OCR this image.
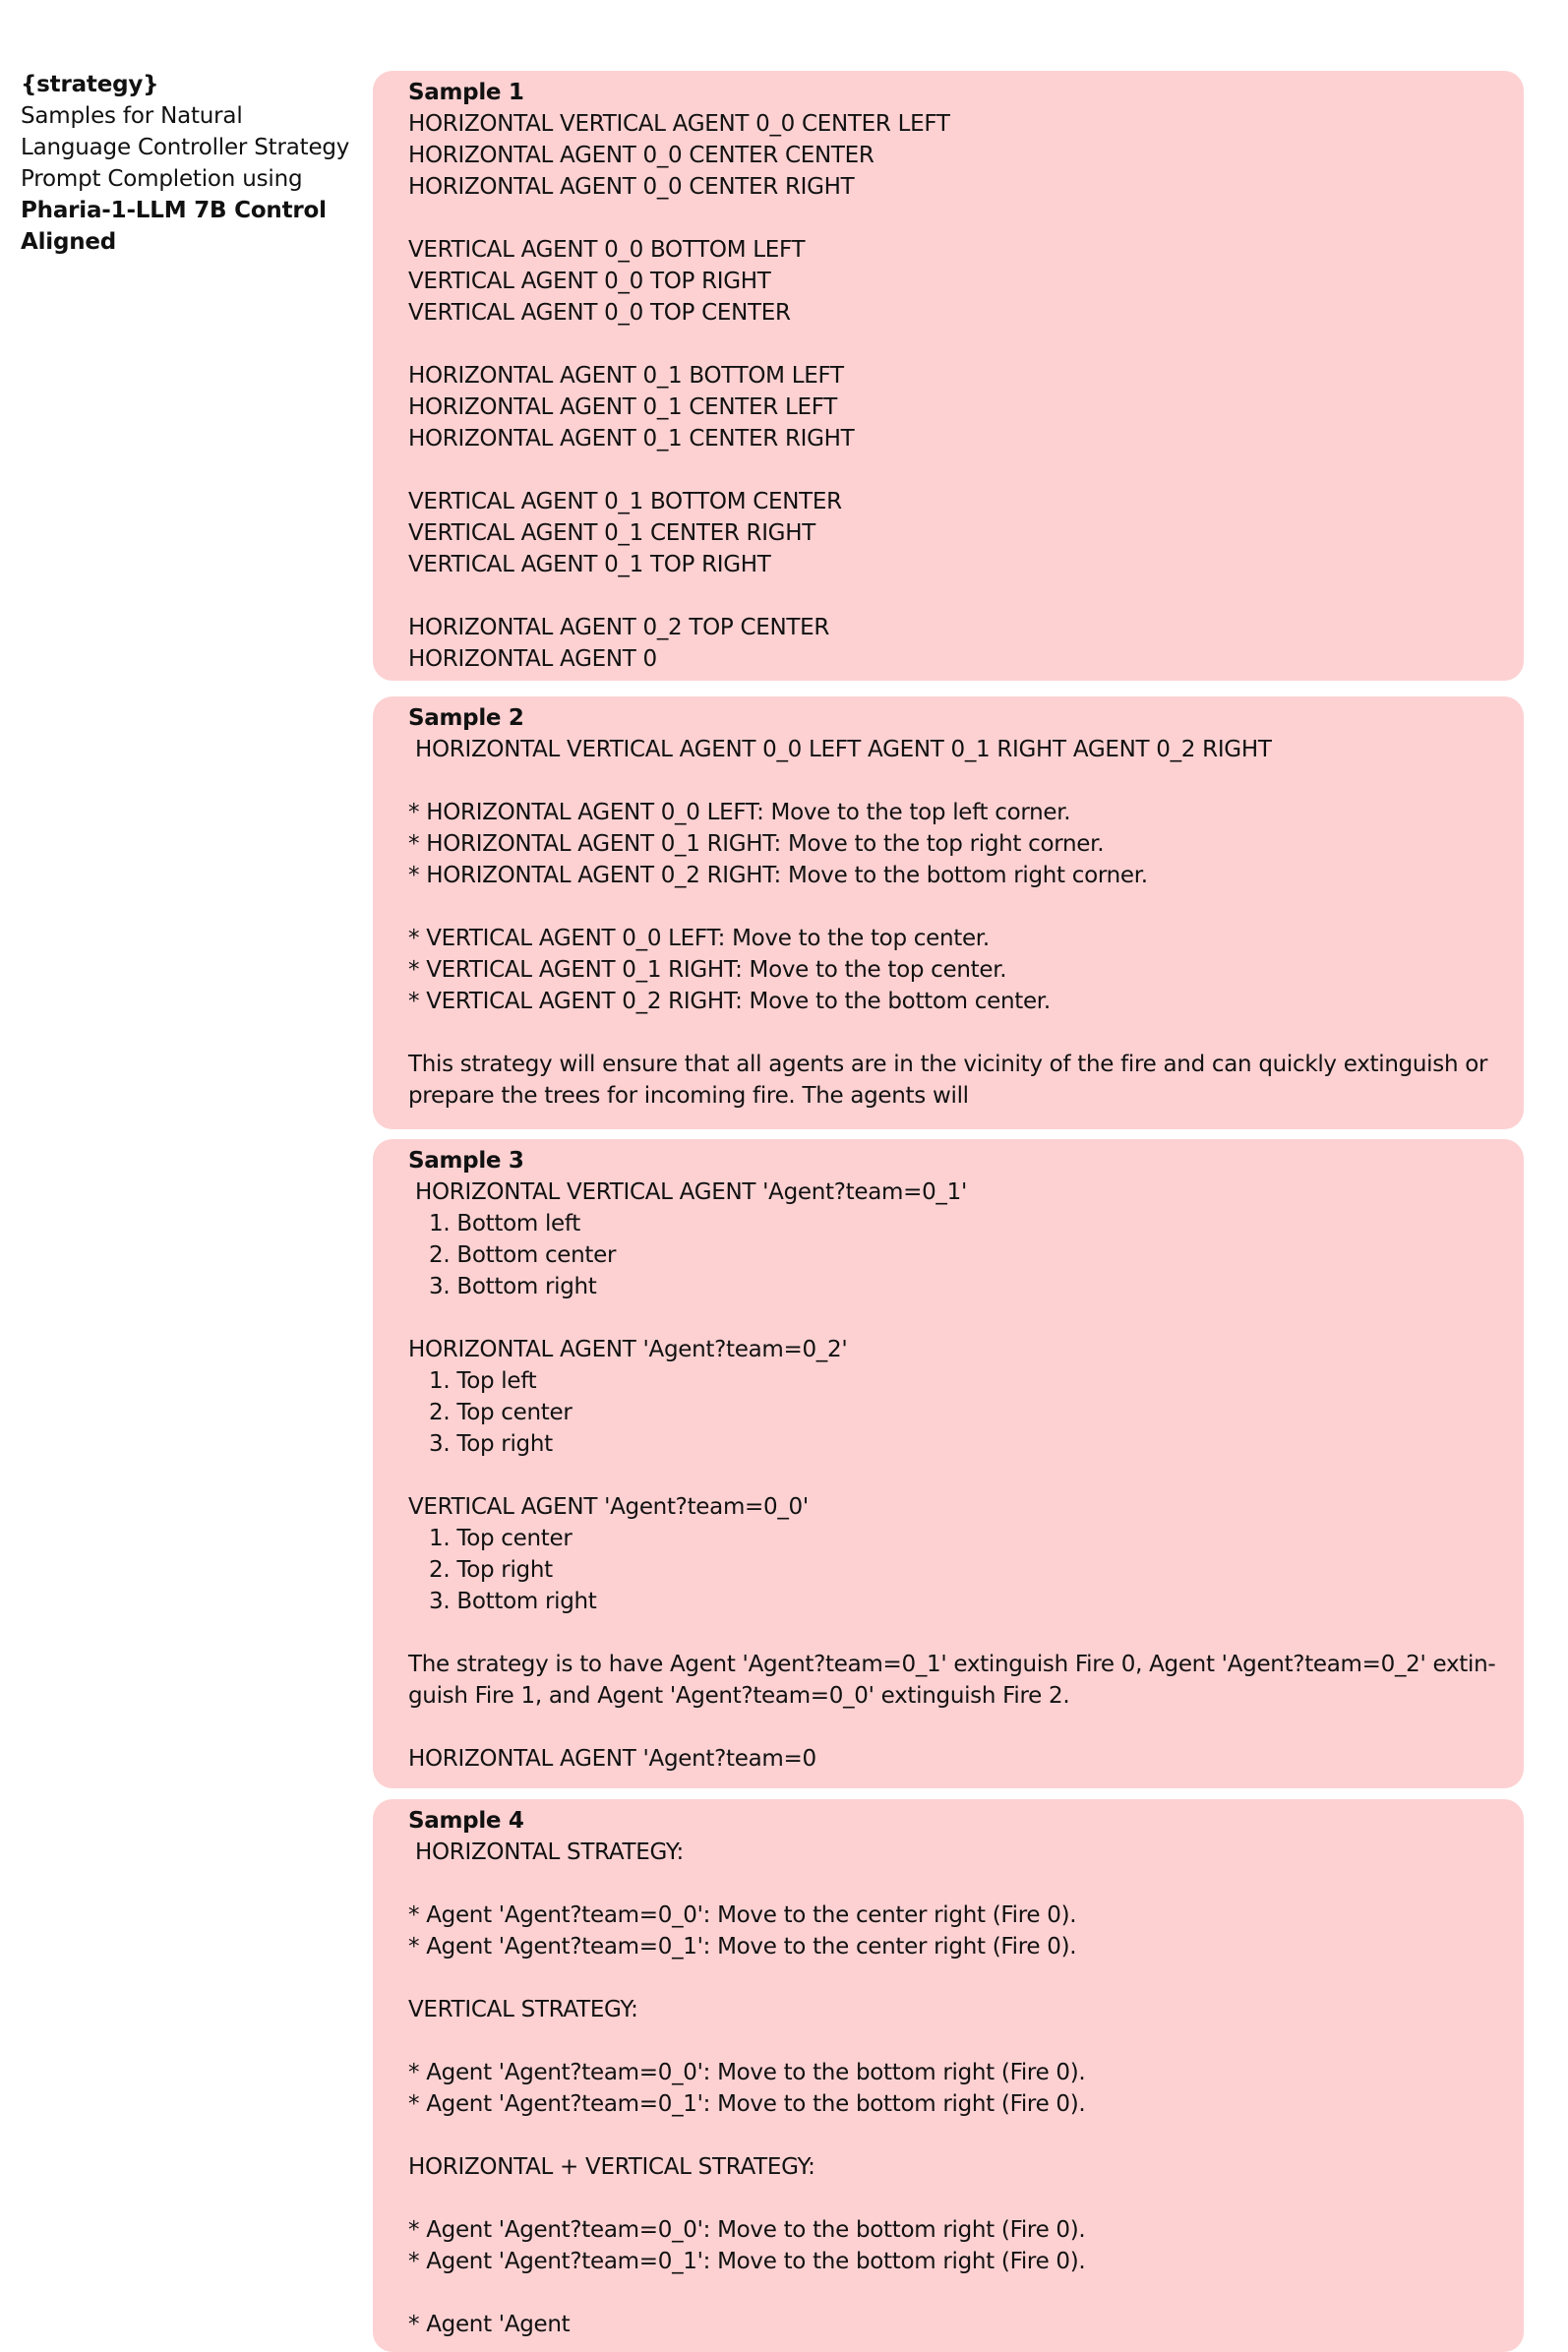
{strategy}
Samples for Natural
Language Controller Strategy
Prompt Completion using
Pharia-1-LLM 7B Control
Aligned
Sample 1
HORIZONTAL VERTICAL AGENT 0_0 CENTER LEFT
HORIZONTAL AGENT 0_0 CENTER CENTER
HORIZONTAL AGENT 0_0 CENTER RIGHT
VERTICAL AGENT 0_0 BOTTOM LEFT
VERTICAL AGENT 0_0 TOP RIGHT
VERTICAL AGENT 0_0 TOP CENTER
HORIZONTAL AGENT 0_1 BOTTOM LEFT
HORIZONTAL AGENT 0_1 CENTER LEFT
HORIZONTAL AGENT 0_1 CENTER RIGHT
VERTICAL AGENT 0_1 BOTTOM CENTER
VERTICAL AGENT 0_1 CENTER RIGHT
VERTICAL AGENT 0_1 TOP RIGHT
HORIZONTAL AGENT 0_2 TOP CENTER
HORIZONTAL AGENT 0
Sample 2
HORIZONTAL VERTICAL AGENT 0_0 LEFT AGENT 0_1 RIGHT AGENT 0_2 RIGHT
* HORIZONTAL AGENT 0_0 LEFT: Move to the top left corner.
* HORIZONTAL AGENT 0_1 RIGHT: Move to the top right corner.
* HORIZONTAL AGENT 0_2 RIGHT: Move to the bottom right corner.
* VERTICAL AGENT 0_0 LEFT: Move to the top center.
* VERTICAL AGENT 0_1 RIGHT: Move to the top center.
* VERTICAL AGENT 0_2 RIGHT: Move to the bottom center.
This strategy will ensure that all agents are in the vicinity of the fire and can quickly extinguish or
prepare the trees for incoming fire. The agents will
Sample 3
HORIZONTAL VERTICAL AGENT 'Agent?team=0_1'
1. Bottom left
2. Bottom center
3. Bottom right
HORIZONTAL AGENT 'Agent?team=0_2'
1. Top left
2. Top center
3. Top right
VERTICAL AGENT 'Agent?team=0_0'
1. Top center
2. Top right
3. Bottom right
The strategy is to have Agent 'Agent?team=0_1' extinguish Fire 0, Agent 'Agent?team=0_2' extin-
guish Fire 1, and Agent 'Agent?team=0_0' extinguish Fire 2.
HORIZONTAL AGENT 'Agent?team=0
Sample 4
HORIZONTAL STRATEGY:
* Agent 'Agent?team=0_0': Move to the center right (Fire 0).
* Agent 'Agent?team=0_1': Move to the center right (Fire 0).
VERTICAL STRATEGY:
* Agent 'Agent?team=0_0': Move to the bottom right (Fire 0).
* Agent 'Agent?team=0_1': Move to the bottom right (Fire 0).
HORIZONTAL + VERTICAL STRATEGY:
* Agent 'Agent?team=0_0': Move to the bottom right (Fire 0).
* Agent 'Agent?team=0_1': Move to the bottom right (Fire 0).
* Agent 'Agent
